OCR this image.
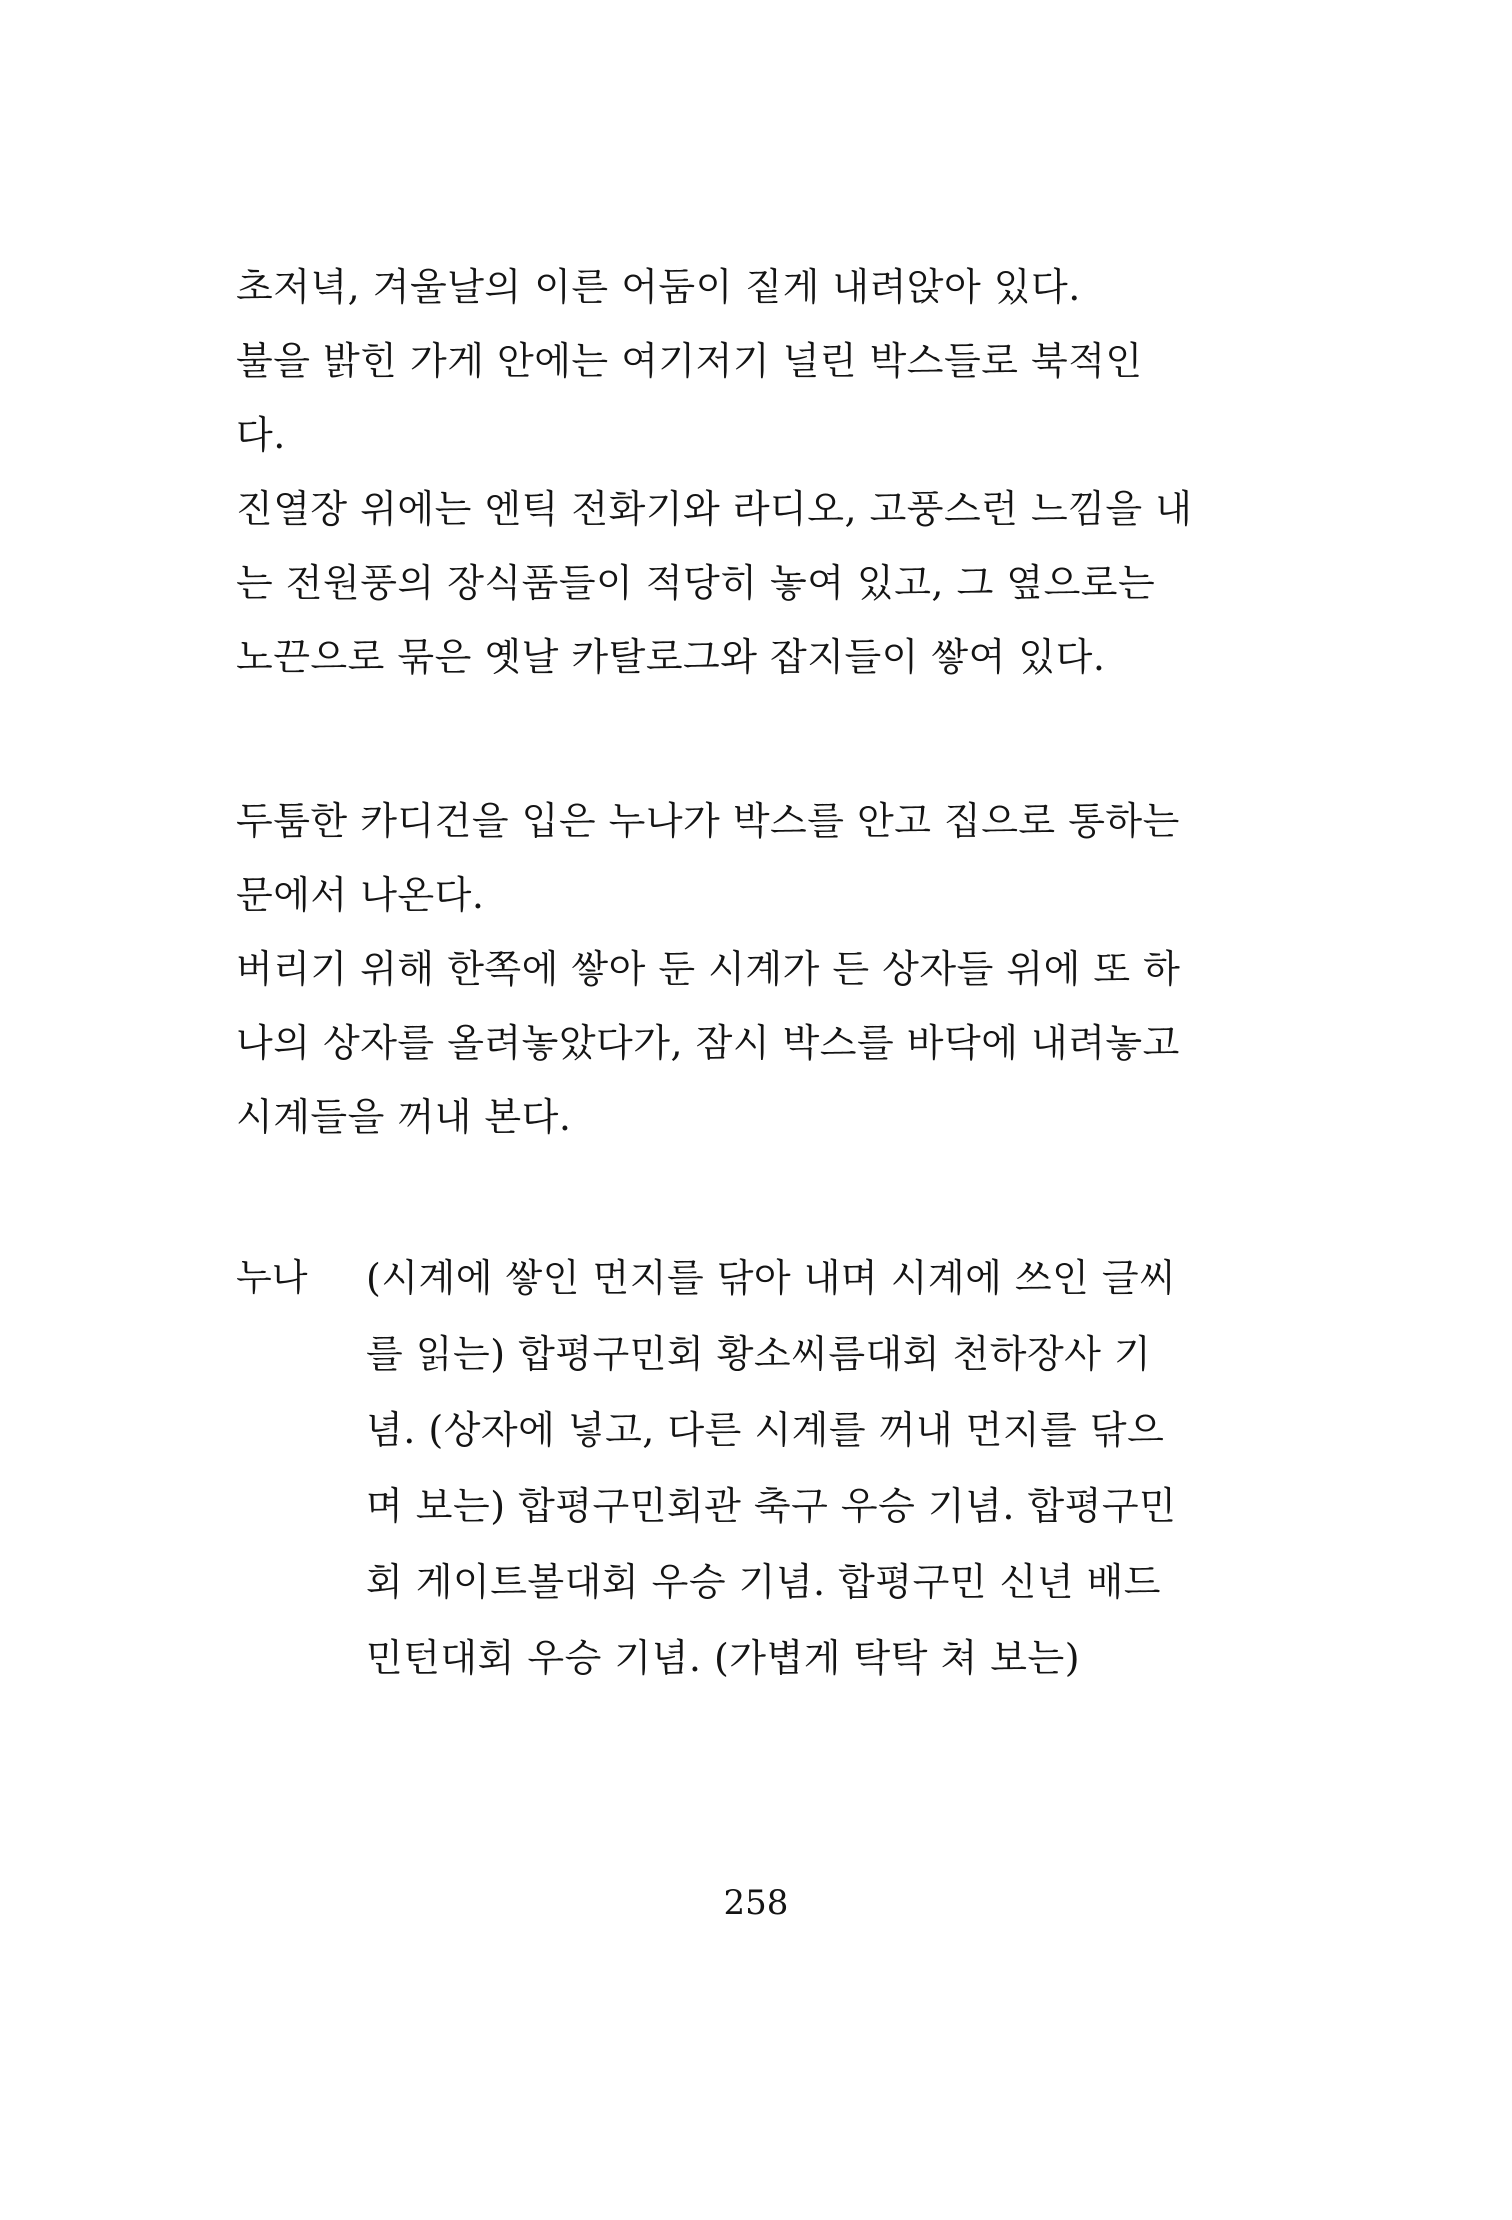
초저녁, 겨울날의 이른 어둠이 짙게 내려앉아 있다.
불을 밝힌 가게 안에는 여기저기 널린 박스들로 북적인
다.
진열장 위에는 엔틱 전화기와 라디오, 고풍스런 느낌을 내
는 전원풍의 장식품들이 적당히 놓여 있고, 그 옆으로는
노끈으로 묶은 옛날 카탈로그와 잡지들이 쌓여 있다.
두툼한 카디건을 입은 누나가 박스를 안고 집으로 통하는
문에서 나온다.
버리기 위해 한쪽에 쌓아 둔 시계가 든 상자들 위에 또 하
나의 상자를 올려놓았다가, 잠시 박스를 바닥에 내려놓고
시계들을 꺼내 본다.
누나 (시계에 쌓인 먼지를 닦아 내며 시계에 쓰인 글씨
를 읽는) 합평구민회 황소씨름대회 천하장사 기
념. (상자에 넣고, 다른 시계를 꺼내 먼지를 닦으
며 보는) 합평구민회관 축구 우승 기념. 합평구민
회 게이트볼대회 우승 기념. 합평구민 신년 배드
민턴대회 우승 기념. (가볍게 탁탁 쳐 보는)
258
